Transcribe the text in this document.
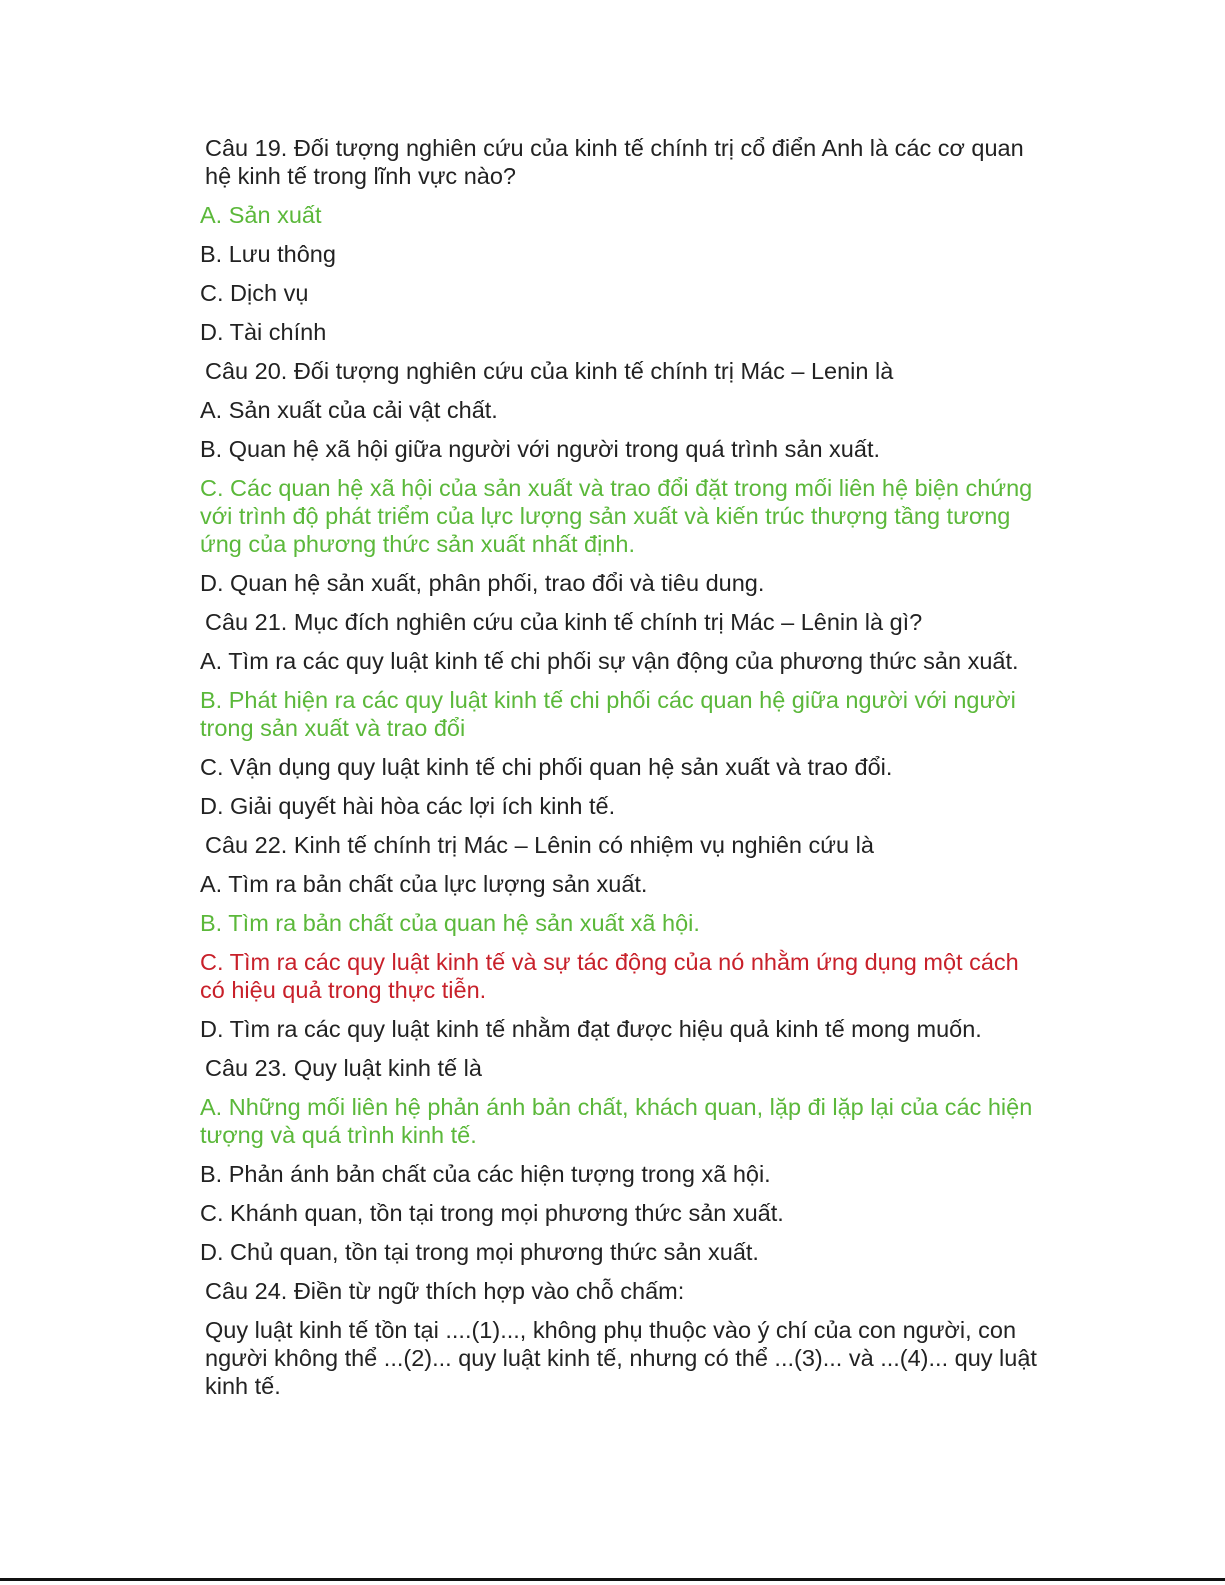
Câu 19. Đối tượng nghiên cứu của kinh tế chính trị cổ điển Anh là các cơ quan hệ kinh tế trong lĩnh vực nào?

A. Sản xuất

B. Lưu thông

C. Dịch vụ

D. Tài chính

Câu 20. Đối tượng nghiên cứu của kinh tế chính trị Mác – Lenin là

A. Sản xuất của cải vật chất.

B. Quan hệ xã hội giữa người với người trong quá trình sản xuất.

C. Các quan hệ xã hội của sản xuất và trao đổi đặt trong mối liên hệ biện chứng với trình độ phát triểm của lực lượng sản xuất và kiến trúc thượng tầng tương ứng của phương thức sản xuất nhất định.

D. Quan hệ sản xuất, phân phối, trao đổi và tiêu dung.

Câu 21. Mục đích nghiên cứu của kinh tế chính trị Mác – Lênin là gì?

A. Tìm ra các quy luật kinh tế chi phối sự vận động của phương thức sản xuất.

B. Phát hiện ra các quy luật kinh tế chi phối các quan hệ giữa người với người trong sản xuất và trao đổi

C. Vận dụng quy luật kinh tế chi phối quan hệ sản xuất và trao đổi.

D. Giải quyết hài hòa các lợi ích kinh tế.

Câu 22. Kinh tế chính trị Mác – Lênin có nhiệm vụ nghiên cứu là

A. Tìm ra bản chất của lực lượng sản xuất.

B. Tìm ra bản chất của quan hệ sản xuất xã hội.

C. Tìm ra các quy luật kinh tế và sự tác động của nó nhằm ứng dụng một cách có hiệu quả trong thực tiễn.

D. Tìm ra các quy luật kinh tế nhằm đạt được hiệu quả kinh tế mong muốn.

Câu 23. Quy luật kinh tế là

A. Những mối liên hệ phản ánh bản chất, khách quan, lặp đi lặp lại của các hiện tượng và quá trình kinh tế.

B. Phản ánh bản chất của các hiện tượng trong xã hội.

C. Khánh quan, tồn tại trong mọi phương thức sản xuất.

D. Chủ quan, tồn tại trong mọi phương thức sản xuất.

Câu 24. Điền từ ngữ thích hợp vào chỗ chấm:

Quy luật kinh tế tồn tại ....(1)..., không phụ thuộc vào ý chí của con người, con người không thể ...(2)... quy luật kinh tế, nhưng có thể ...(3)... và ...(4)... quy luật kinh tế.
